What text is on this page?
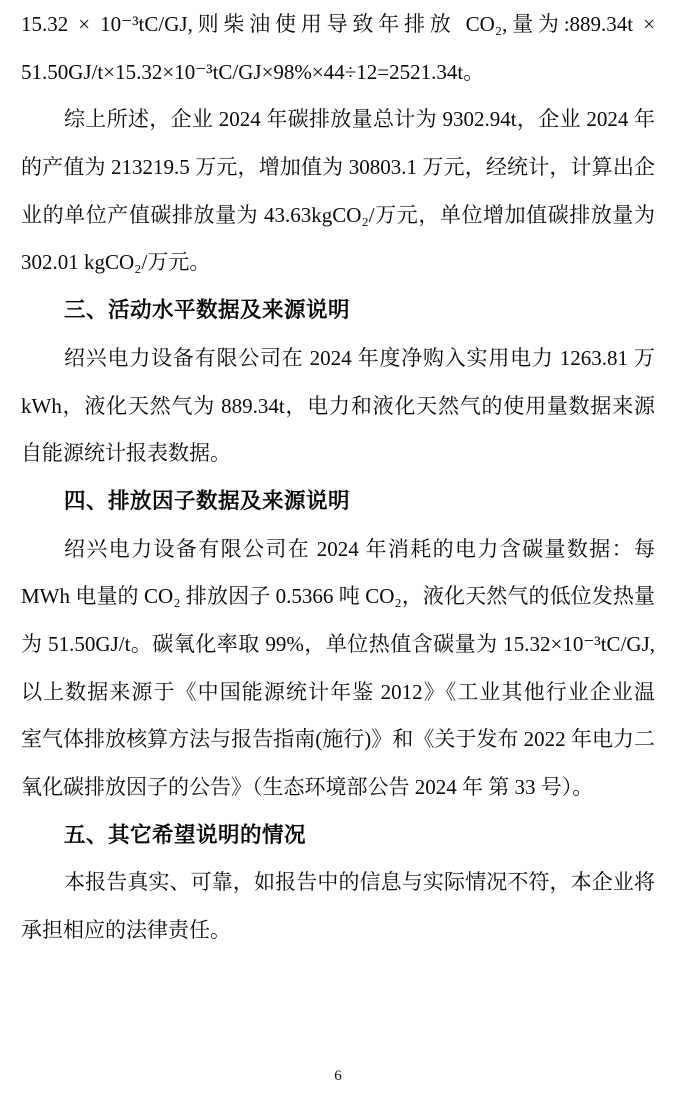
15.32 × 10⁻³tC/GJ,则柴油使用导致年排放 CO₂,量为:889.34t ×
51.50GJ/t×15.32×10⁻³tC/GJ×98%×44÷12=2521.34t。
综上所述，企业 2024 年碳排放量总计为 9302.94t，企业 2024 年
的产值为 213219.5 万元，增加值为 30803.1 万元，经统计，计算出企
业的单位产值碳排放量为 43.63kgCO₂/万元，单位增加值碳排放量为
302.01 kgCO₂/万元。
三、活动水平数据及来源说明
绍兴电力设备有限公司在 2024 年度净购入实用电力 1263.81 万
kWh，液化天然气为 889.34t，电力和液化天然气的使用量数据来源
自能源统计报表数据。
四、排放因子数据及来源说明
绍兴电力设备有限公司在 2024 年消耗的电力含碳量数据：每
MWh 电量的 CO₂ 排放因子 0.5366 吨 CO₂，液化天然气的低位发热量
为 51.50GJ/t。碳氧化率取 99%，单位热值含碳量为 15.32×10⁻³tC/GJ,
以上数据来源于《中国能源统计年鉴 2012》《工业其他行业企业温
室气体排放核算方法与报告指南(施行)》和《关于发布 2022 年电力二
氧化碳排放因子的公告》（生态环境部公告 2024 年 第 33 号）。
五、其它希望说明的情况
本报告真实、可靠，如报告中的信息与实际情况不符，本企业将
承担相应的法律责任。
6
